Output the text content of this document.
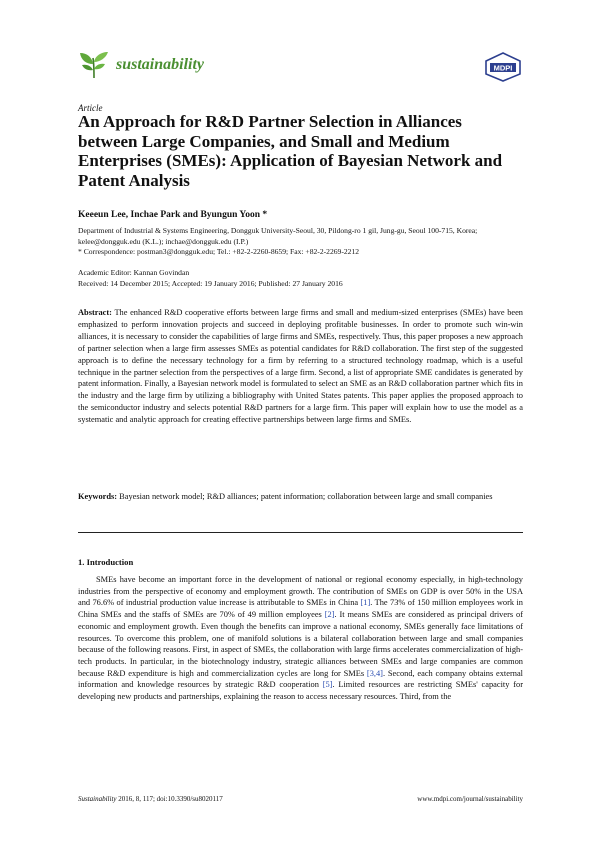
sustainability	MDPI
Article
An Approach for R&D Partner Selection in Alliances between Large Companies, and Small and Medium Enterprises (SMEs): Application of Bayesian Network and Patent Analysis
Keeeun Lee, Inchae Park and Byungun Yoon *

Department of Industrial & Systems Engineering, Dongguk University-Seoul, 30, Pildong-ro 1 gil, Jung-gu, Seoul 100-715, Korea; kelee@dongguk.edu (K.L.); inchae@dongguk.edu (I.P.)

* Correspondence: postman3@dongguk.edu; Tel.: +82-2-2260-8659; Fax: +82-2-2269-2212

Academic Editor: Kannan Govindan

Received: 14 December 2015; Accepted: 19 January 2016; Published: 27 January 2016

Abstract: The enhanced R&D cooperative efforts between large firms and small and medium-sized enterprises (SMEs) have been emphasized to perform innovation projects and succeed in deploying profitable businesses. In order to promote such win-win alliances, it is necessary to consider the capabilities of large firms and SMEs, respectively. Thus, this paper proposes a new approach of partner selection when a large firm assesses SMEs as potential candidates for R&D collaboration. The first step of the suggested approach is to define the necessary technology for a firm by referring to a structured technology roadmap, which is a useful technique in the partner selection from the perspectives of a large firm. Second, a list of appropriate SME candidates is generated by patent information. Finally, a Bayesian network model is formulated to select an SME as an R&D collaboration partner which fits in the industry and the large firm by utilizing a bibliography with United States patents. This paper applies the proposed approach to the semiconductor industry and selects potential R&D partners for a large firm. This paper will explain how to use the model as a systematic and analytic approach for creating effective partnerships between large firms and SMEs.

Keywords: Bayesian network model; R&D alliances; patent information; collaboration between large and small companies

1. Introduction

SMEs have become an important force in the development of national or regional economy especially, in high-technology industries from the perspective of economy and employment growth. The contribution of SMEs on GDP is over 50% in the USA and 76.6% of industrial production value increase is attributable to SMEs in China [1]. The 73% of 150 million employees work in China SMEs and the staffs of SMEs are 70% of 49 million employees [2]. It means SMEs are considered as principal drivers of economic and employment growth. Even though the benefits can improve a national economy, SMEs generally face limitations of resources. To overcome this problem, one of manifold solutions is a bilateral collaboration between large and small companies because of the following reasons. First, in aspect of SMEs, the collaboration with large firms accelerates commercialization of high-tech products. In particular, in the biotechnology industry, strategic alliances between SMEs and large companies are common because R&D expenditure is high and commercialization cycles are long for SMEs [3,4]. Second, each company obtains external information and knowledge resources by strategic R&D cooperation [5]. Limited resources are restricting SMEs' capacity for developing new products and partnerships, explaining the reason to access necessary resources. Third, from the

Sustainability 2016, 8, 117; doi:10.3390/su8020117	www.mdpi.com/journal/sustainability
